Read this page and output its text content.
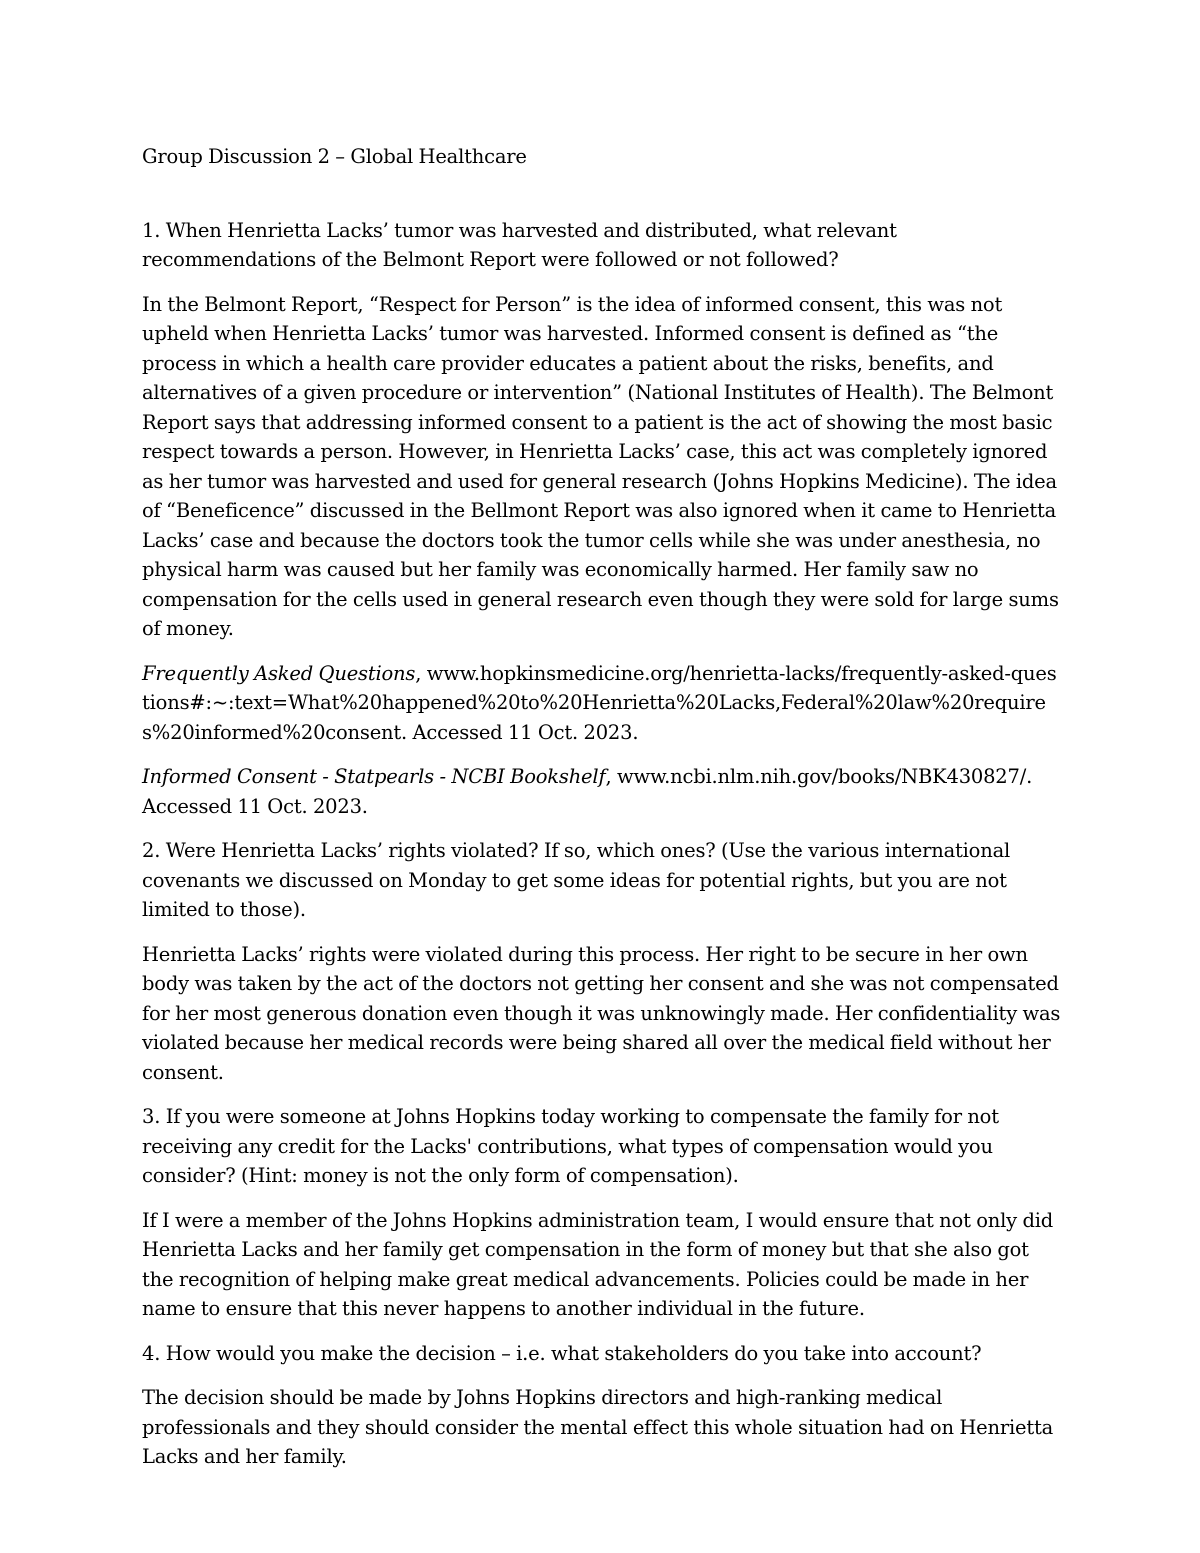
Group Discussion 2 – Global Healthcare

1. When Henrietta Lacks’ tumor was harvested and distributed, what relevant recommendations of the Belmont Report were followed or not followed?

In the Belmont Report, “Respect for Person” is the idea of informed consent, this was not upheld when Henrietta Lacks’ tumor was harvested. Informed consent is defined as “the process in which a health care provider educates a patient about the risks, benefits, and alternatives of a given procedure or intervention” (National Institutes of Health). The Belmont Report says that addressing informed consent to a patient is the act of showing the most basic respect towards a person. However, in Henrietta Lacks’ case, this act was completely ignored as her tumor was harvested and used for general research (Johns Hopkins Medicine). The idea of “Beneficence” discussed in the Bellmont Report was also ignored when it came to Henrietta Lacks’ case and because the doctors took the tumor cells while she was under anesthesia, no physical harm was caused but her family was economically harmed. Her family saw no compensation for the cells used in general research even though they were sold for large sums of money.

Frequently Asked Questions, www.hopkinsmedicine.org/henrietta-lacks/frequently-asked-questions#:~:text=What%20happened%20to%20Henrietta%20Lacks,Federal%20law%20requires%20informed%20consent. Accessed 11 Oct. 2023.

Informed Consent - Statpearls - NCBI Bookshelf, www.ncbi.nlm.nih.gov/books/NBK430827/. Accessed 11 Oct. 2023.

2. Were Henrietta Lacks’ rights violated? If so, which ones? (Use the various international covenants we discussed on Monday to get some ideas for potential rights, but you are not limited to those).

Henrietta Lacks’ rights were violated during this process. Her right to be secure in her own body was taken by the act of the doctors not getting her consent and she was not compensated for her most generous donation even though it was unknowingly made. Her confidentiality was violated because her medical records were being shared all over the medical field without her consent.

3. If you were someone at Johns Hopkins today working to compensate the family for not receiving any credit for the Lacks' contributions, what types of compensation would you consider? (Hint: money is not the only form of compensation).

If I were a member of the Johns Hopkins administration team, I would ensure that not only did Henrietta Lacks and her family get compensation in the form of money but that she also got the recognition of helping make great medical advancements. Policies could be made in her name to ensure that this never happens to another individual in the future.

4. How would you make the decision – i.e. what stakeholders do you take into account?

The decision should be made by Johns Hopkins directors and high-ranking medical professionals and they should consider the mental effect this whole situation had on Henrietta Lacks and her family.
